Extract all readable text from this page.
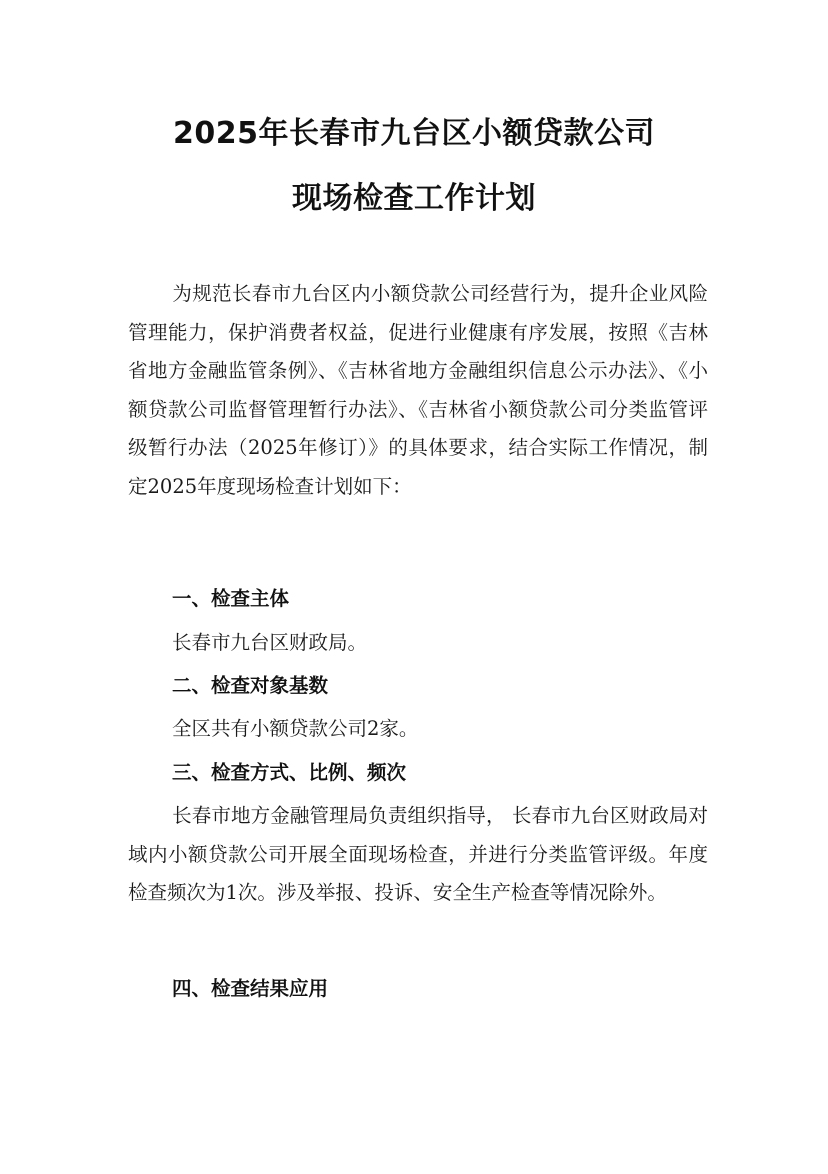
2025年长春市九台区小额贷款公司
现场检查工作计划

为规范长春市九台区内小额贷款公司经营行为，提升企业风险管理能力，保护消费者权益，促进行业健康有序发展，按照《吉林省地方金融监管条例》、《吉林省地方金融组织信息公示办法》、《小额贷款公司监督管理暂行办法》、《吉林省小额贷款公司分类监管评级暂行办法（2025年修订）》的具体要求，结合实际工作情况，制定2025年度现场检查计划如下：

一、检查主体
长春市九台区财政局。
二、检查对象基数
全区共有小额贷款公司2家。
三、检查方式、比例、频次

长春市地方金融管理局负责组织指导， 长春市九台区财政局对域内小额贷款公司开展全面现场检查，并进行分类监管评级。年度检查频次为1次。涉及举报、投诉、安全生产检查等情况除外。

四、检查结果应用
